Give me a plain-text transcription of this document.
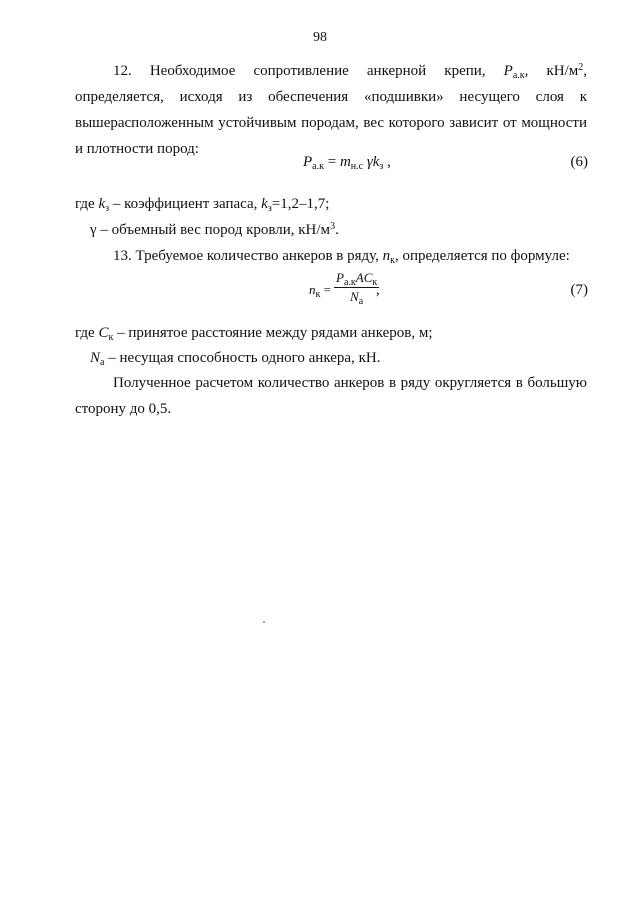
98
12. Необходимое сопротивление анкерной крепи, $P_{а.к}$, $кН/м^2$, определяется, исходя из обеспечения «подшивки» несущего слоя к вышерасположенным устойчивым породам, вес которого зависит от мощности и плотности пород:
$P_{а.к} = m_{н.с}$ $\gamma k_з$ ,	(6)
где $k_з$ – коэффициент запаса, $k_з=1,2-1,7$;
γ – объемный вес пород кровли, $кН/м^3$.
13. Требуемое количество анкеров в ряду, $n_к$, определяется по формуле:
$n_к$ =
$P_{а.к}AC_к$
$N_а$
,	(7)
где $C_к$ – принятое расстояние между рядами анкеров, м;
$N_а$ – несущая способность одного анкера, кН.
Полученное расчетом количество анкеров в ряду округляется в большую сторону до 0,5.
